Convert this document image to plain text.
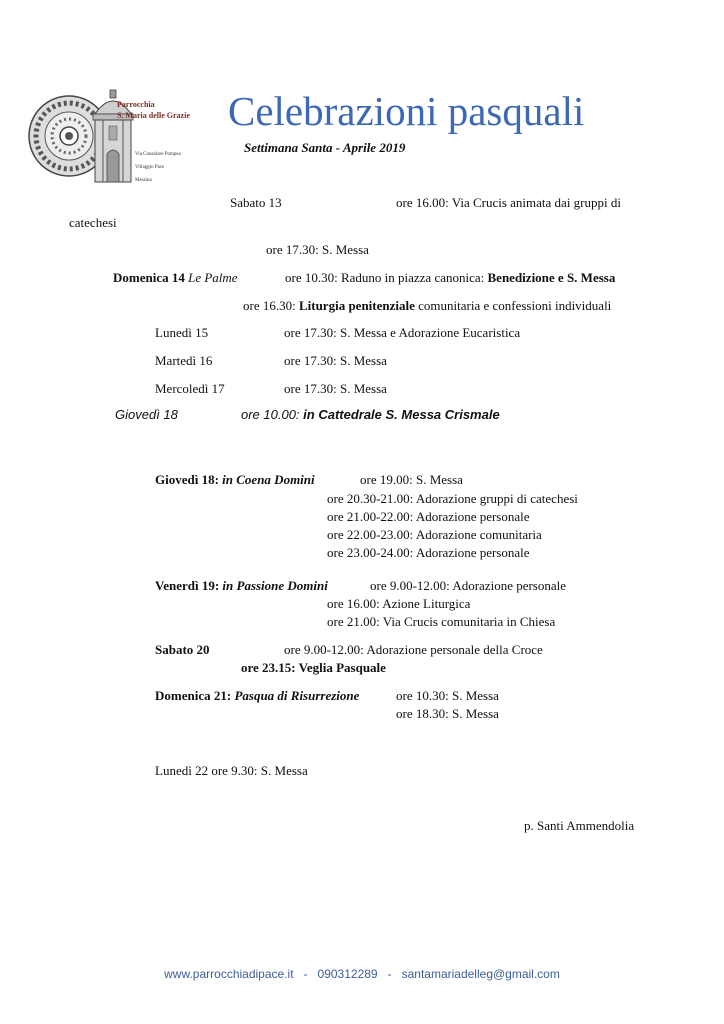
Parrocchia
S. Maria delle Grazie
Via Consolare Pompea
Villaggio Pace
Messina
Celebrazioni pasquali
Settimana Santa - Aprile 2019
Sabato 13	ore 16.00: Via Crucis animata dai gruppi di
catechesi
ore 17.30: S. Messa
Domenica 14 Le Palme	ore 10.30: Raduno in piazza canonica: Benedizione e S. Messa
ore 16.30: Liturgia penitenziale comunitaria e confessioni individuali
Lunedì 15	ore 17.30: S. Messa e Adorazione Eucaristica
Martedì 16	ore 17.30: S. Messa
Mercoledì 17	ore 17.30: S. Messa
Giovedì 18	ore 10.00: in Cattedrale S. Messa Crismale
Giovedì 18: in Coena Domini	ore 19.00: S. Messa
ore 20.30-21.00: Adorazione gruppi di catechesi
ore 21.00-22.00: Adorazione personale
ore 22.00-23.00: Adorazione comunitaria
ore 23.00-24.00: Adorazione personale
Venerdì 19: in Passione Domini	ore 9.00-12.00: Adorazione personale
ore 16.00: Azione Liturgica
ore 21.00: Via Crucis comunitaria in Chiesa
Sabato 20	ore 9.00-12.00: Adorazione personale della Croce
ore 23.15: Veglia Pasquale
Domenica 21: Pasqua di Risurrezione	ore 10.30: S. Messa
ore 18.30: S. Messa
Lunedì 22 ore 9.30: S. Messa
p. Santi Ammendolia
www.parrocchiadipace.it   -   090312289   -   santamariadelleg@gmail.com
